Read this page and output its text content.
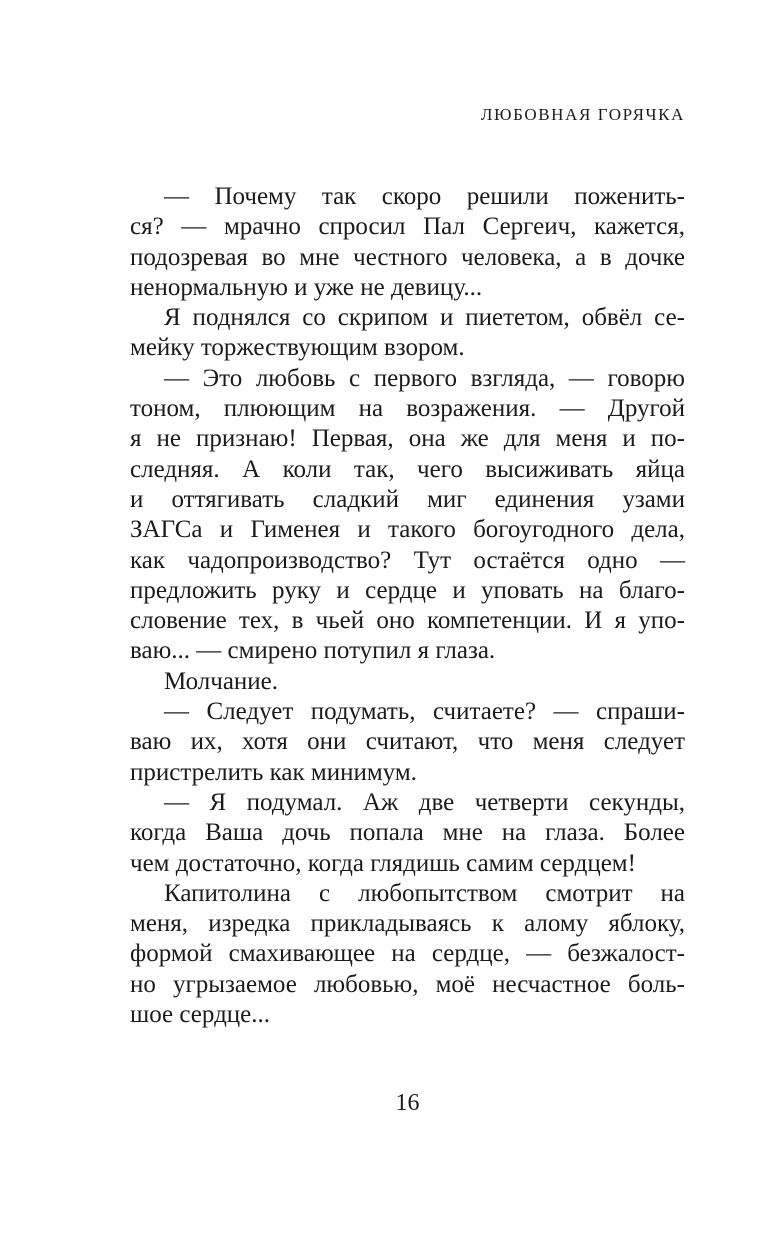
ЛЮБОВНАЯ ГОРЯЧКА
— Почему так скоро решили поженить-
ся? — мрачно спросил Пал Сергеич, кажется,
подозревая во мне честного человека, а в дочке
ненормальную и уже не девицу...
Я поднялся со скрипом и пиететом, обвёл се-
мейку торжествующим взором.
— Это любовь с первого взгляда, — говорю
тоном, плюющим на возражения. — Другой
я не признаю! Первая, она же для меня и по-
следняя. А коли так, чего высиживать яйца
и оттягивать сладкий миг единения узами
ЗАГСа и Гименея и такого богоугодного дела,
как чадопроизводство? Тут остаётся одно —
предложить руку и сердце и уповать на благо-
словение тех, в чьей оно компетенции. И я упо-
ваю... — смирено потупил я глаза.
Молчание.
— Следует подумать, считаете? — спраши-
ваю их, хотя они считают, что меня следует
пристрелить как минимум.
— Я подумал. Аж две четверти секунды,
когда Ваша дочь попала мне на глаза. Более
чем достаточно, когда глядишь самим сердцем!
Капитолина с любопытством смотрит на
меня, изредка прикладываясь к алому яблоку,
формой смахивающее на сердце, — безжалост-
но угрызаемое любовью, моё несчастное боль-
шое сердце...
16
